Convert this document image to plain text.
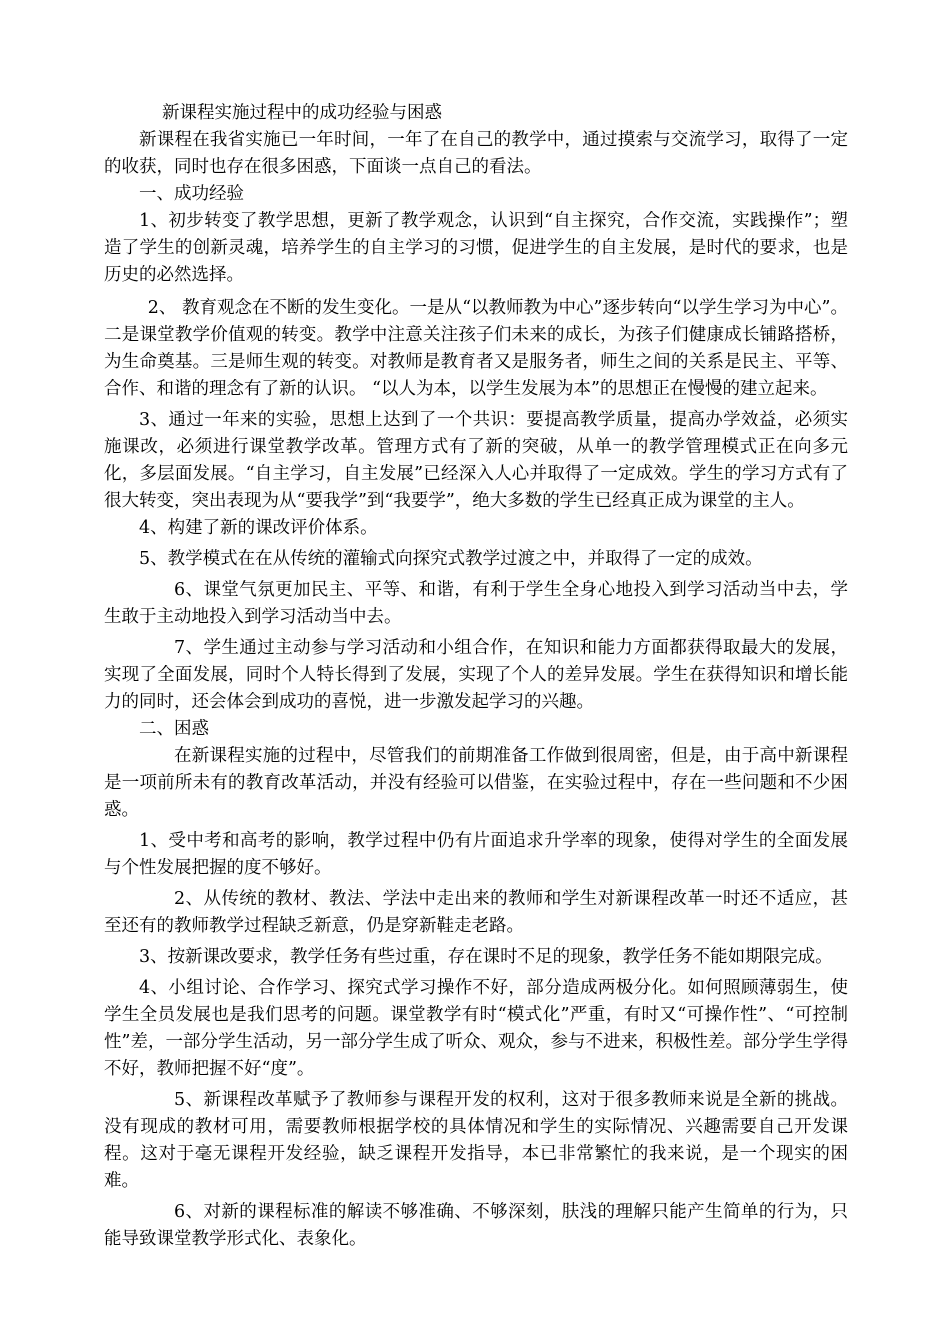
新课程实施过程中的成功经验与困惑

新课程在我省实施已一年时间，一年了在自己的教学中，通过摸索与交流学习，取得了一定的收获，同时也存在很多困惑，下面谈一点自己的看法。

一、成功经验

1、初步转变了教学思想，更新了教学观念，认识到“自主探究，合作交流，实践操作”；塑造了学生的创新灵魂，培养学生的自主学习的习惯，促进学生的自主发展，是时代的要求，也是历史的必然选择。

2、 教育观念在不断的发生变化。一是从“以教师教为中心”逐步转向“以学生学习为中心”。二是课堂教学价值观的转变。教学中注意关注孩子们未来的成长，为孩子们健康成长铺路搭桥，为生命奠基。三是师生观的转变。对教师是教育者又是服务者，师生之间的关系是民主、平等、合作、和谐的理念有了新的认识。 “以人为本，以学生发展为本”的思想正在慢慢的建立起来。

3、通过一年来的实验，思想上达到了一个共识：要提高教学质量，提高办学效益，必须实施课改，必须进行课堂教学改革。管理方式有了新的突破，从单一的教学管理模式正在向多元化，多层面发展。“自主学习，自主发展”已经深入人心并取得了一定成效。学生的学习方式有了很大转变，突出表现为从“要我学”到“我要学”，绝大多数的学生已经真正成为课堂的主人。

4、构建了新的课改评价体系。

5、教学模式在在从传统的灌输式向探究式教学过渡之中，并取得了一定的成效。

6、课堂气氛更加民主、平等、和谐，有利于学生全身心地投入到学习活动当中去，学生敢于主动地投入到学习活动当中去。

7、学生通过主动参与学习活动和小组合作，在知识和能力方面都获得取最大的发展，实现了全面发展，同时个人特长得到了发展，实现了个人的差异发展。学生在获得知识和增长能力的同时，还会体会到成功的喜悦，进一步激发起学习的兴趣。

二、困惑

在新课程实施的过程中，尽管我们的前期准备工作做到很周密，但是，由于高中新课程是一项前所未有的教育改革活动，并没有经验可以借鉴，在实验过程中，存在一些问题和不少困惑。

1、受中考和高考的影响，教学过程中仍有片面追求升学率的现象，使得对学生的全面发展与个性发展把握的度不够好。

2、从传统的教材、教法、学法中走出来的教师和学生对新课程改革一时还不适应，甚至还有的教师教学过程缺乏新意，仍是穿新鞋走老路。

3、按新课改要求，教学任务有些过重，存在课时不足的现象，教学任务不能如期限完成。

4、小组讨论、合作学习、探究式学习操作不好，部分造成两极分化。如何照顾薄弱生，使学生全员发展也是我们思考的问题。课堂教学有时“模式化”严重，有时又“可操作性”、“可控制性”差，一部分学生活动，另一部分学生成了听众、观众，参与不进来，积极性差。部分学生学得不好，教师把握不好“度”。

5、新课程改革赋予了教师参与课程开发的权利，这对于很多教师来说是全新的挑战。没有现成的教材可用，需要教师根据学校的具体情况和学生的实际情况、兴趣需要自己开发课程。这对于毫无课程开发经验，缺乏课程开发指导，本已非常繁忙的我来说，是一个现实的困难。

6、对新的课程标准的解读不够准确、不够深刻，肤浅的理解只能产生简单的行为，只能导致课堂教学形式化、表象化。
